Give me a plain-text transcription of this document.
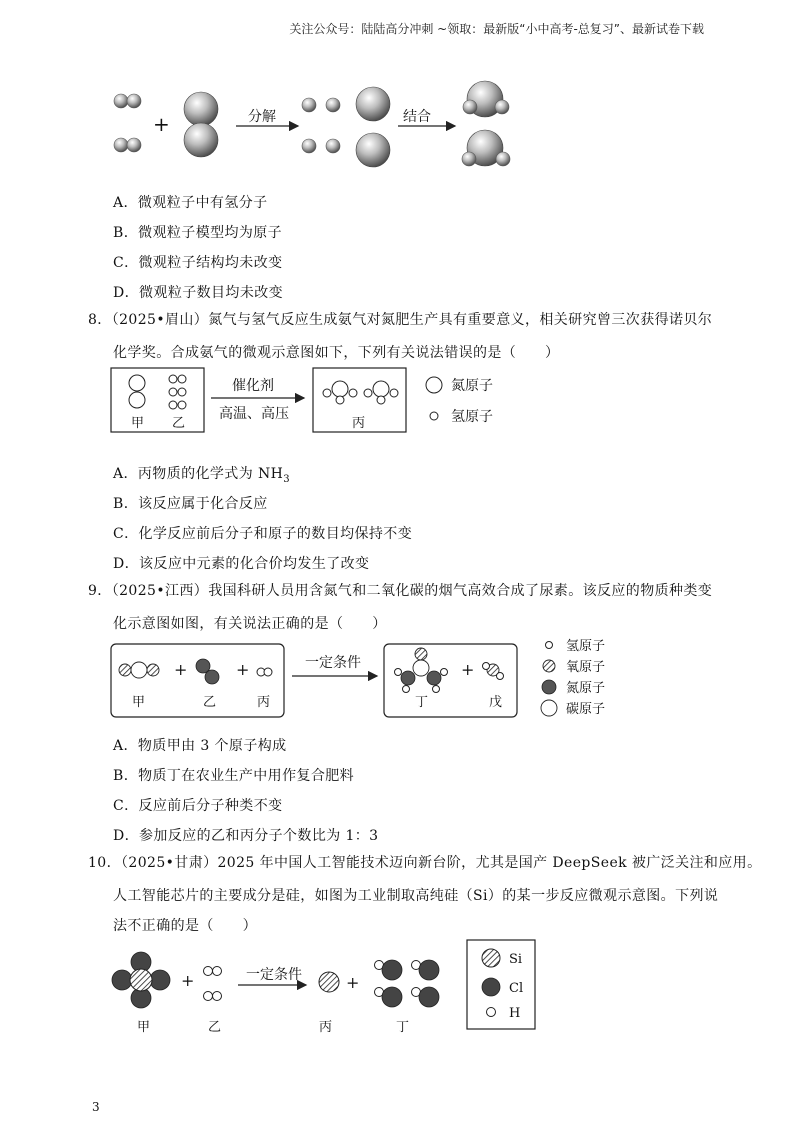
关注公众号：陆陆高分冲刺 ~领取：最新版“小中高考-总复习”、最新试卷下载
+	分解	结合
A．微观粒子中有氢分子
B．微观粒子模型均为原子
C．微观粒子结构均未改变
D．微观粒子数目均未改变
8．（2025•眉山）氮气与氢气反应生成氨气对氮肥生产具有重要意义，相关研究曾三次获得诺贝尔
化学奖。合成氨气的微观示意图如下，下列有关说法错误的是（　　）
甲 乙
催化剂
高温、高压
丙
氮原子
氢原子
A．丙物质的化学式为 $NH_3$
B．该反应属于化合反应
C．化学反应前后分子和原子的数目均保持不变
D．该反应中元素的化合价均发生了改变
9．（2025•江西）我国科研人员用含氮气和二氧化碳的烟气高效合成了尿素。该反应的物质种类变
化示意图如图，有关说法正确的是（　　）
+	+
甲	乙	丙
一定条件	+
丁	戊
氢原子
氧原子
氮原子
碳原子
A．物质甲由 3 个原子构成
B．物质丁在农业生产中用作复合肥料
C．反应前后分子种类不变
D．参加反应的乙和丙分子个数比为 1：3
10．（2025•甘肃）2025 年中国人工智能技术迈向新台阶，尤其是国产 DeepSeek 被广泛关注和应用。
人工智能芯片的主要成分是硅，如图为工业制取高纯硅（Si）的某一步反应微观示意图。下列说
法不正确的是（　　）
+	一定条件	+
甲	乙	丙	丁
Si
Cl
H
3
